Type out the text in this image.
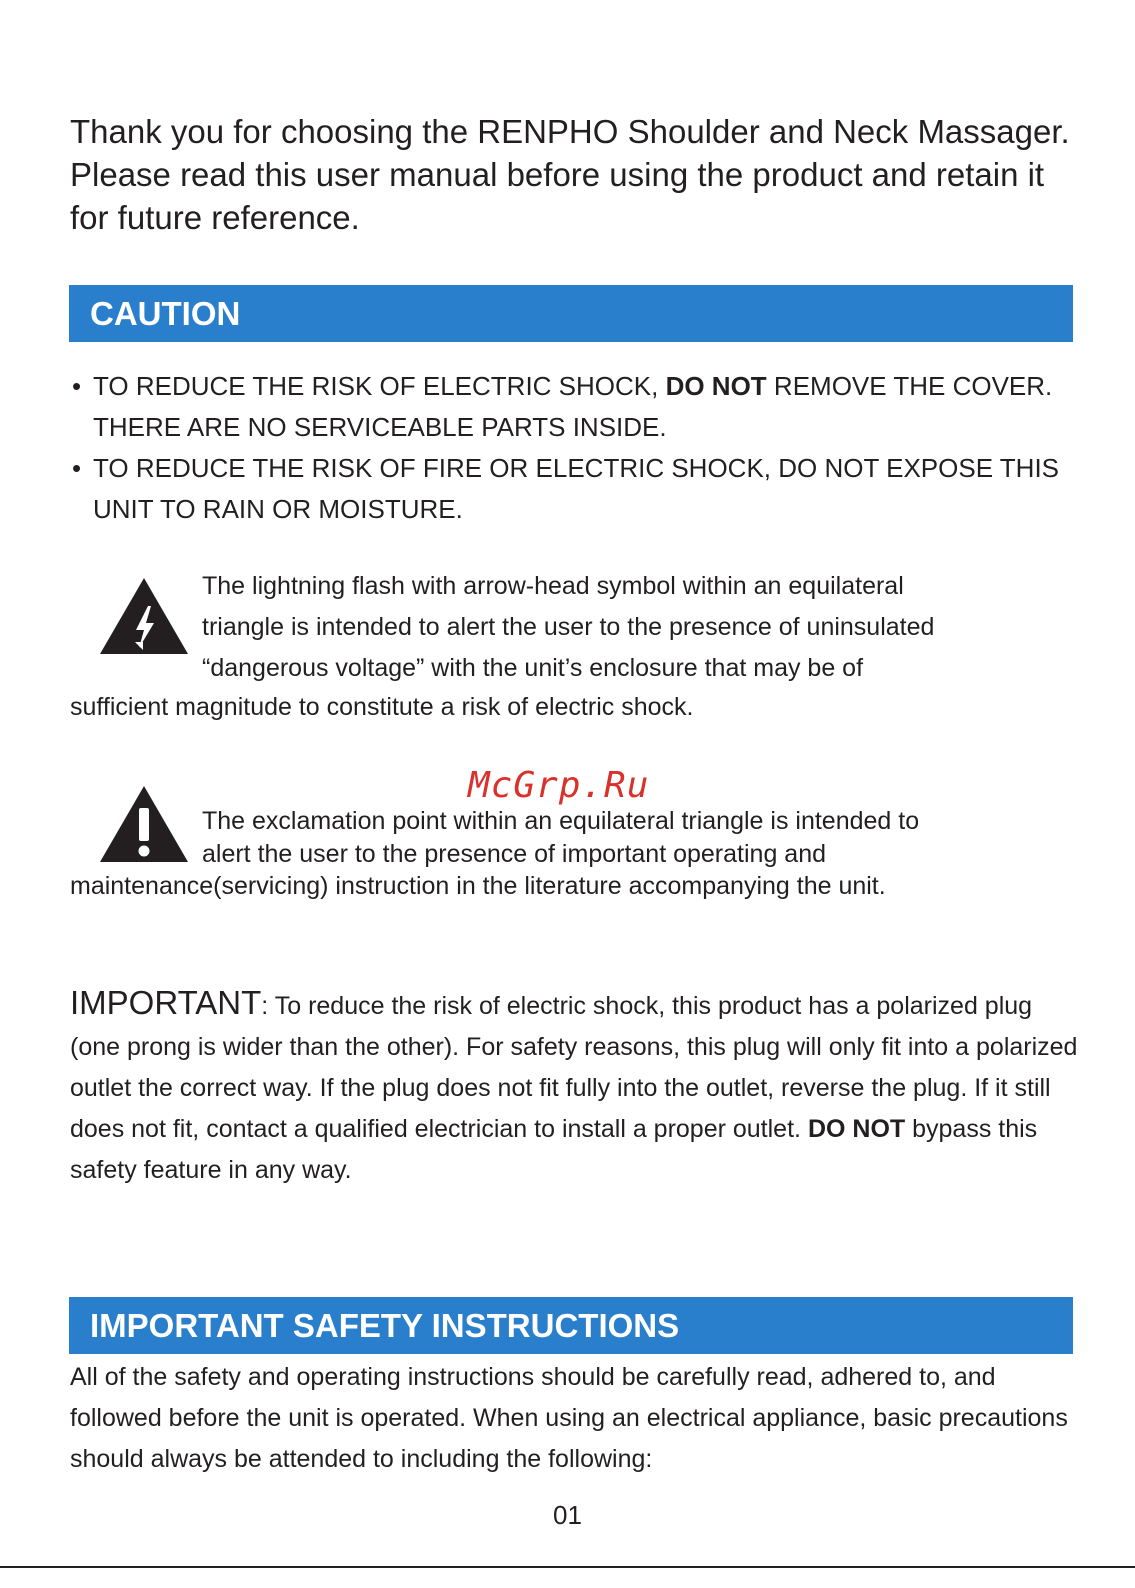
Thank you for choosing the RENPHO Shoulder and Neck Massager. Please read this user manual before using the product and retain it for future reference.

CAUTION
• TO REDUCE THE RISK OF ELECTRIC SHOCK, DO NOT REMOVE THE COVER. THERE ARE NO SERVICEABLE PARTS INSIDE.
• TO REDUCE THE RISK OF FIRE OR ELECTRIC SHOCK, DO NOT EXPOSE THIS UNIT TO RAIN OR MOISTURE.

The lightning flash with arrow-head symbol within an equilateral

triangle is intended to alert the user to the presence of uninsulated

“dangerous voltage” with the unit’s enclosure that may be of

sufficient magnitude to constitute a risk of electric shock.

McGrp.Ru

The exclamation point within an equilateral triangle is intended to

alert the user to the presence of important operating and

maintenance(servicing) instruction in the literature accompanying the unit.

IMPORTANT: To reduce the risk of electric shock, this product has a polarized plug (one prong is wider than the other). For safety reasons, this plug will only fit into a polarized outlet the correct way. If the plug does not fit fully into the outlet, reverse the plug. If it still does not fit, contact a qualified electrician to install a proper outlet. DO NOT bypass this safety feature in any way.

IMPORTANT SAFETY INSTRUCTIONS

All of the safety and operating instructions should be carefully read, adhered to, and followed before the unit is operated. When using an electrical appliance, basic precautions should always be attended to including the following:

01
